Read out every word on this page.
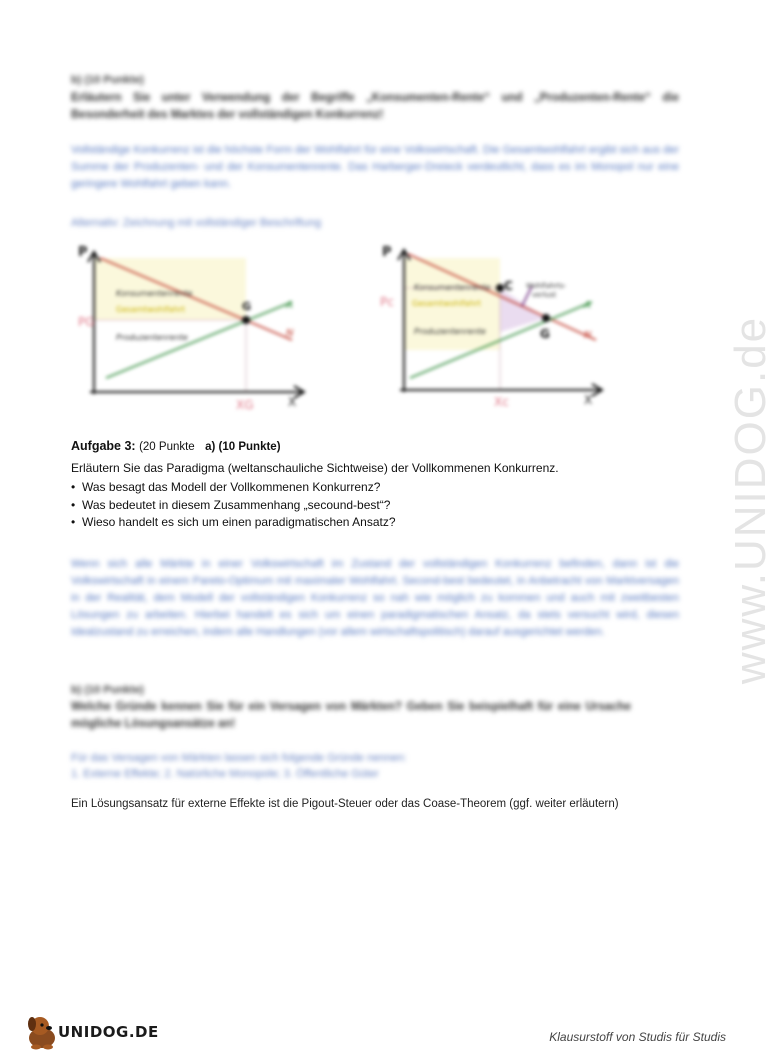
b) (10 Punkte)
Erläutern Sie unter Verwendung der Begriffe „Konsumenten-Rente“ und „Produzenten-Rente“ die Besonderheit des Marktes der vollständigen Konkurrenz!
Vollständige Konkurrenz ist die höchste Form der Wohlfahrt für eine Volkswirtschaft. Die Gesamtwohlfahrt ergibt sich aus der Summe der Produzenten- und der Konsumentenrente. Das Harberger-Dreieck verdeutlicht, dass es im Monopol nur eine geringere Wohlfahrt geben kann.
Alternativ: Zeichnung mit vollständiger Beschriftung
P
X
PG
XG
G	A
N
Konsumentenrente
Gesamtwohlfahrt
Produzentenrente
P
X
Pc
Xc
C
G
A
N
Konsumentenrente
Gesamtwohlfahrt
Produzentenrente
Wohlfahrts-
verlust
Aufgabe 3: (20 Punkte a) (10 Punkte)
Erläutern Sie das Paradigma (weltanschauliche Sichtweise) der Vollkommenen Konkurrenz.
• Was besagt das Modell der Vollkommenen Konkurrenz?
• Was bedeutet in diesem Zusammenhang „secound-best“?
• Wieso handelt es sich um einen paradigmatischen Ansatz?
Wenn sich alle Märkte in einer Volkswirtschaft im Zustand der vollständigen Konkurrenz befinden, dann ist die Volkswirtschaft in einem Pareto-Optimum mit maximaler Wohlfahrt. Second-best bedeutet, in Anbetracht von Marktversagen in der Realität, dem Modell der vollständigen Konkurrenz so nah wie möglich zu kommen und auch mit zweitbesten Lösungen zu arbeiten. Hierbei handelt es sich um einen paradigmatischen Ansatz, da stets versucht wird, diesen Idealzustand zu erreichen, indem alle Handlungen (vor allem wirtschaftspolitisch) darauf ausgerichtet werden.
b) (10 Punkte)
Welche Gründe kennen Sie für ein Versagen von Märkten? Geben Sie beispielhaft für eine Ursache mögliche Lösungsansätze an!
Für das Versagen von Märkten lassen sich folgende Gründe nennen:
1. Externe Effekte; 2. Natürliche Monopole; 3. Öffentliche Güter
Ein Lösungsansatz für externe Effekte ist die Pigout-Steuer oder das Coase-Theorem (ggf. weiter erläutern)
www.UNIDOG.de
UNIDOG.DE	Klausurstoff von Studis für Studis
